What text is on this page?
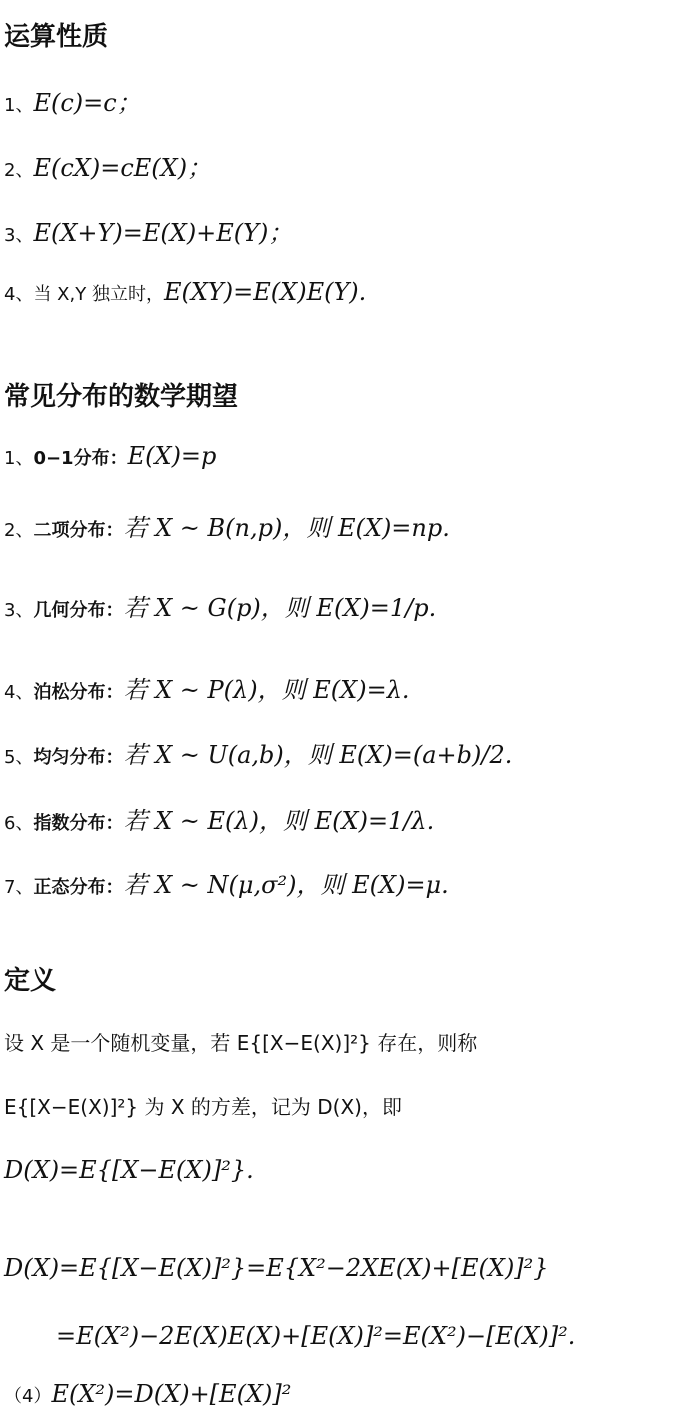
运算性质
1、E(c)=c；
2、E(cX)=cE(X)；
3、E(X+Y)=E(X)+E(Y)；
4、当 X,Y 独立时，E(XY)=E(X)E(Y).
常见分布的数学期望
1、0−1分布：E(X)=p
2、二项分布：若 X ~ B(n,p)，则 E(X)=np.
3、几何分布：若 X ~ G(p)，则 E(X)=1/p.
4、泊松分布：若 X ~ P(λ)，则 E(X)=λ.
5、均匀分布：若 X ~ U(a,b)，则 E(X)=(a+b)/2.
6、指数分布：若 X ~ E(λ)，则 E(X)=1/λ.
7、正态分布：若 X ~ N(μ,σ²)，则 E(X)=μ.
定义
设 X 是一个随机变量，若 E{[X−E(X)]²} 存在，则称
E{[X−E(X)]²} 为 X 的方差，记为 D(X)，即
D(X)=E{[X−E(X)]²}.
D(X)=E{[X−E(X)]²}=E{X²−2XE(X)+[E(X)]²}
=E(X²)−2E(X)E(X)+[E(X)]²=E(X²)−[E(X)]².
（4）E(X²)=D(X)+[E(X)]²
